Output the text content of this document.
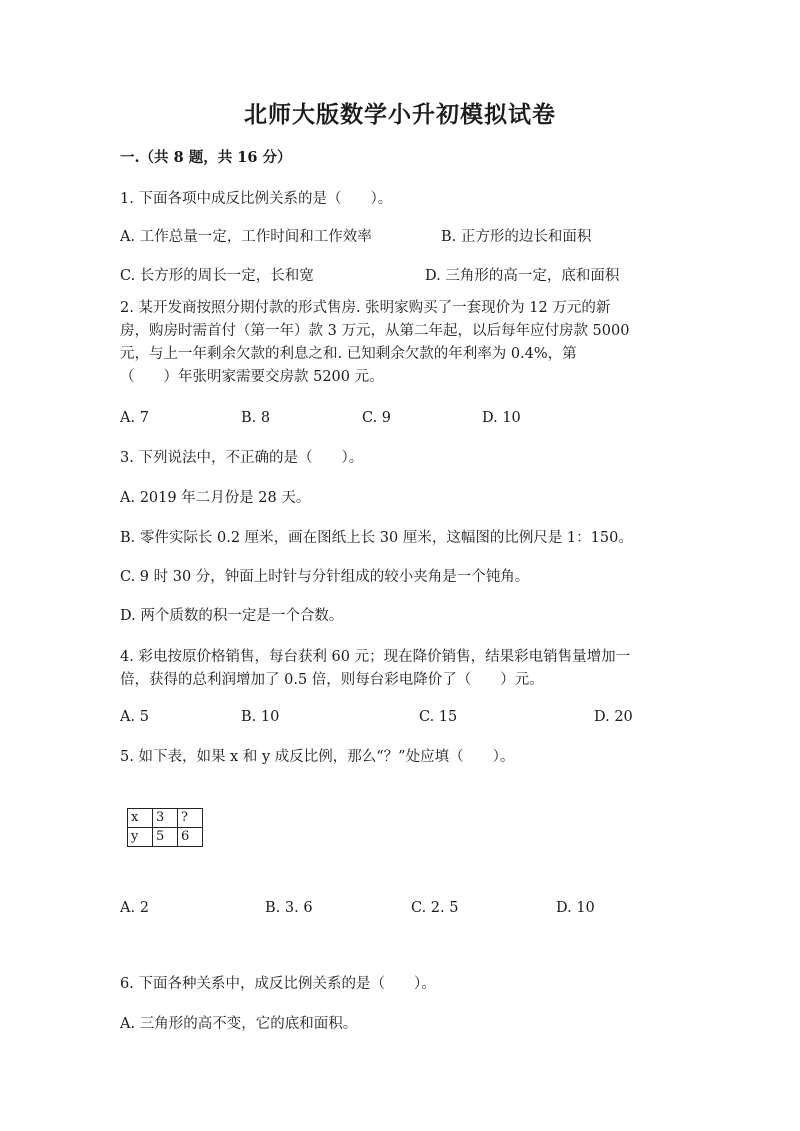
北师大版数学小升初模拟试卷
一.（共 8 题，共 16 分）
1. 下面各项中成反比例关系的是（　　）。
A. 工作总量一定，工作时间和工作效率	B. 正方形的边长和面积
C. 长方形的周长一定，长和宽	D. 三角形的高一定，底和面积
2. 某开发商按照分期付款的形式售房. 张明家购买了一套现价为 12 万元的新
房，购房时需首付（第一年）款 3 万元，从第二年起，以后每年应付房款 5000
元，与上一年剩余欠款的利息之和. 已知剩余欠款的年利率为 0.4%，第
（　　）年张明家需要交房款 5200 元。
A. 7	B. 8	C. 9	D. 10
3. 下列说法中，不正确的是（　　）。
A. 2019 年二月份是 28 天。
B. 零件实际长 0.2 厘米，画在图纸上长 30 厘米，这幅图的比例尺是 1：150。
C. 9 时 30 分，钟面上时针与分针组成的较小夹角是一个钝角。
D. 两个质数的积一定是一个合数。
4. 彩电按原价格销售，每台获利 60 元；现在降价销售，结果彩电销售量增加一
倍，获得的总利润增加了 0.5 倍，则每台彩电降价了（　　）元。
A. 5	B. 10	C. 15	D. 20
5. 如下表，如果 x 和 y 成反比例，那么“？”处应填（　　）。
x	3	?
y	5	6
A. 2	B. 3. 6	C. 2. 5	D. 10
6. 下面各种关系中，成反比例关系的是（　　）。
A. 三角形的高不变，它的底和面积。
